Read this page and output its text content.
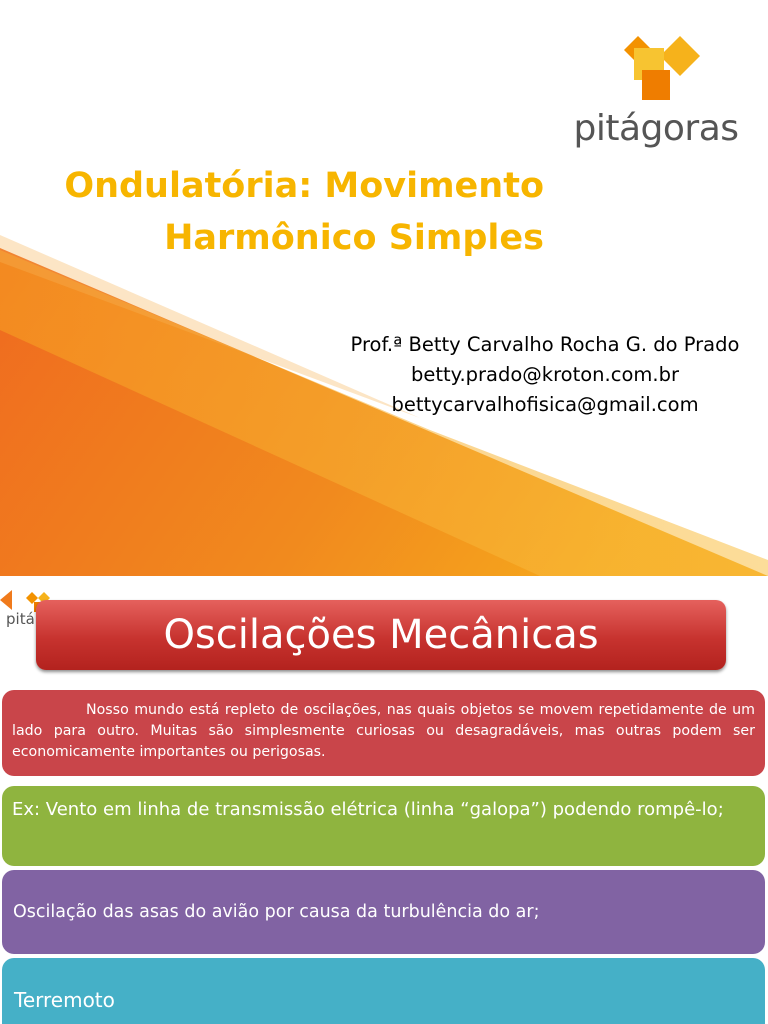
pitágoras
Ondulatória: Movimento
Harmônico Simples
Prof.ª Betty Carvalho Rocha G. do Prado
betty.prado@kroton.com.br
bettycarvalhofisica@gmail.com
pitá	Oscilações Mecânicas
Nosso mundo está repleto de oscilações, nas quais objetos se movem repetidamente de um lado para outro. Muitas são simplesmente curiosas ou desagradáveis, mas outras podem ser economicamente importantes ou perigosas.
Ex: Vento em linha de transmissão elétrica (linha “galopa”) podendo rompê-lo;
Oscilação das asas do avião por causa da turbulência do ar;
Terremoto
